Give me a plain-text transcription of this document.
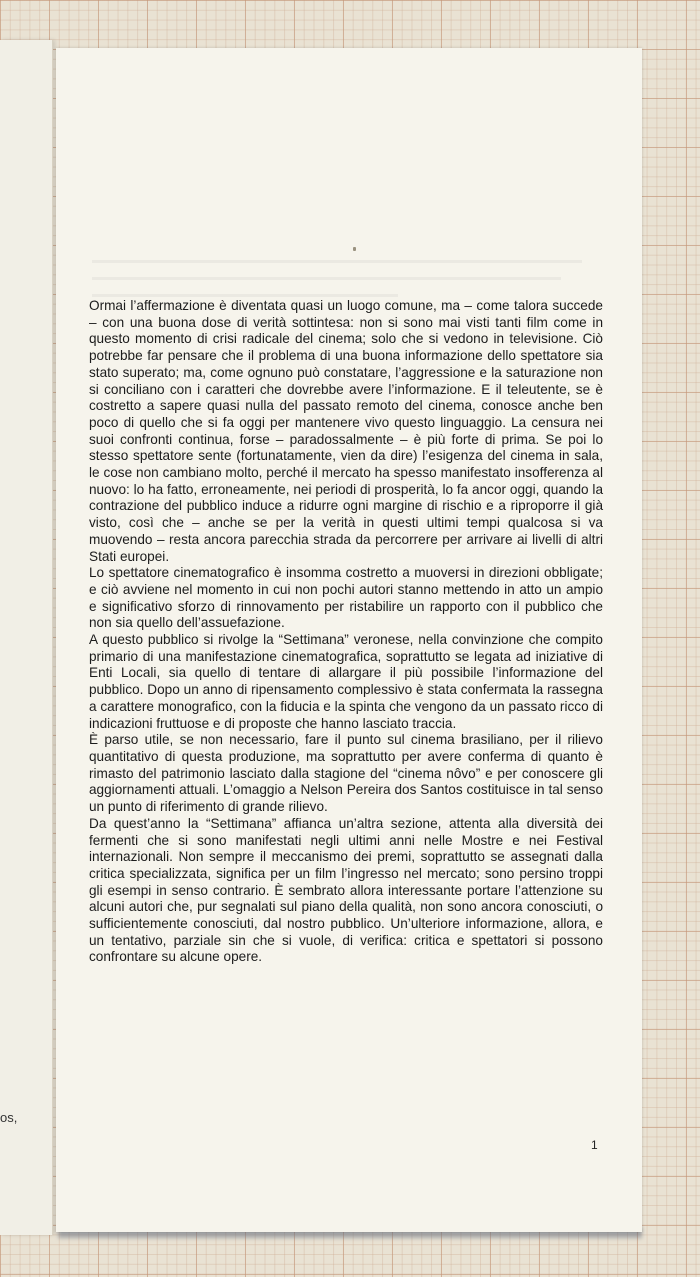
os,

Ormai l’affermazione è diventata quasi un luogo comune, ma – come talora succede – con una buona dose di verità sottintesa: non si sono mai visti tanti film come in questo momento di crisi radicale del cinema; solo che si vedono in televisione. Ciò potrebbe far pensare che il problema di una buona informazione dello spettatore sia stato superato; ma, come ognuno può constatare, l’aggressione e la saturazione non si conciliano con i caratteri che dovrebbe avere l’informazione. E il teleutente, se è costretto a sapere quasi nulla del passato remoto del cinema, conosce anche ben poco di quello che si fa oggi per mantenere vivo questo linguaggio. La censura nei suoi confronti continua, forse – paradossalmente – è più forte di prima. Se poi lo stesso spettatore sente (fortunatamente, vien da dire) l’esigenza del cinema in sala, le cose non cambiano molto, perché il mercato ha spesso manifestato insofferenza al nuovo: lo ha fatto, erroneamente, nei periodi di prosperità, lo fa ancor oggi, quando la contrazione del pubblico induce a ridurre ogni margine di rischio e a riproporre il già visto, così che – anche se per la verità in questi ultimi tempi qualcosa si va muovendo – resta ancora parecchia strada da percorrere per arrivare ai livelli di altri Stati europei.

Lo spettatore cinematografico è insomma costretto a muoversi in direzioni obbligate; e ciò avviene nel momento in cui non pochi autori stanno mettendo in atto un ampio e significativo sforzo di rinnovamento per ristabilire un rapporto con il pubblico che non sia quello dell’assuefazione.

A questo pubblico si rivolge la “Settimana” veronese, nella convinzione che compito primario di una manifestazione cinematografica, soprattutto se legata ad iniziative di Enti Locali, sia quello di tentare di allargare il più possibile l’informazione del pubblico. Dopo un anno di ripensamento complessivo è stata confermata la rassegna a carattere monografico, con la fiducia e la spinta che vengono da un passato ricco di indicazioni fruttuose e di proposte che hanno lasciato traccia.

È parso utile, se non necessario, fare il punto sul cinema brasiliano, per il rilievo quantitativo di questa produzione, ma soprattutto per avere conferma di quanto è rimasto del patrimonio lasciato dalla stagione del “cinema nôvo” e per conoscere gli aggiornamenti attuali. L’omaggio a Nelson Pereira dos Santos costituisce in tal senso un punto di riferimento di grande rilievo.

Da quest’anno la “Settimana” affianca un’altra sezione, attenta alla diversità dei fermenti che si sono manifestati negli ultimi anni nelle Mostre e nei Festival internazionali. Non sempre il meccanismo dei premi, soprattutto se assegnati dalla critica specializzata, significa per un film l’ingresso nel mercato; sono persino troppi gli esempi in senso contrario. È sembrato allora interessante portare l’attenzione su alcuni autori che, pur segnalati sul piano della qualità, non sono ancora conosciuti, o sufficientemente conosciuti, dal nostro pubblico. Un’ulteriore informazione, allora, e un tentativo, parziale sin che si vuole, di verifica: critica e spettatori si possono confrontare su alcune opere.

1
